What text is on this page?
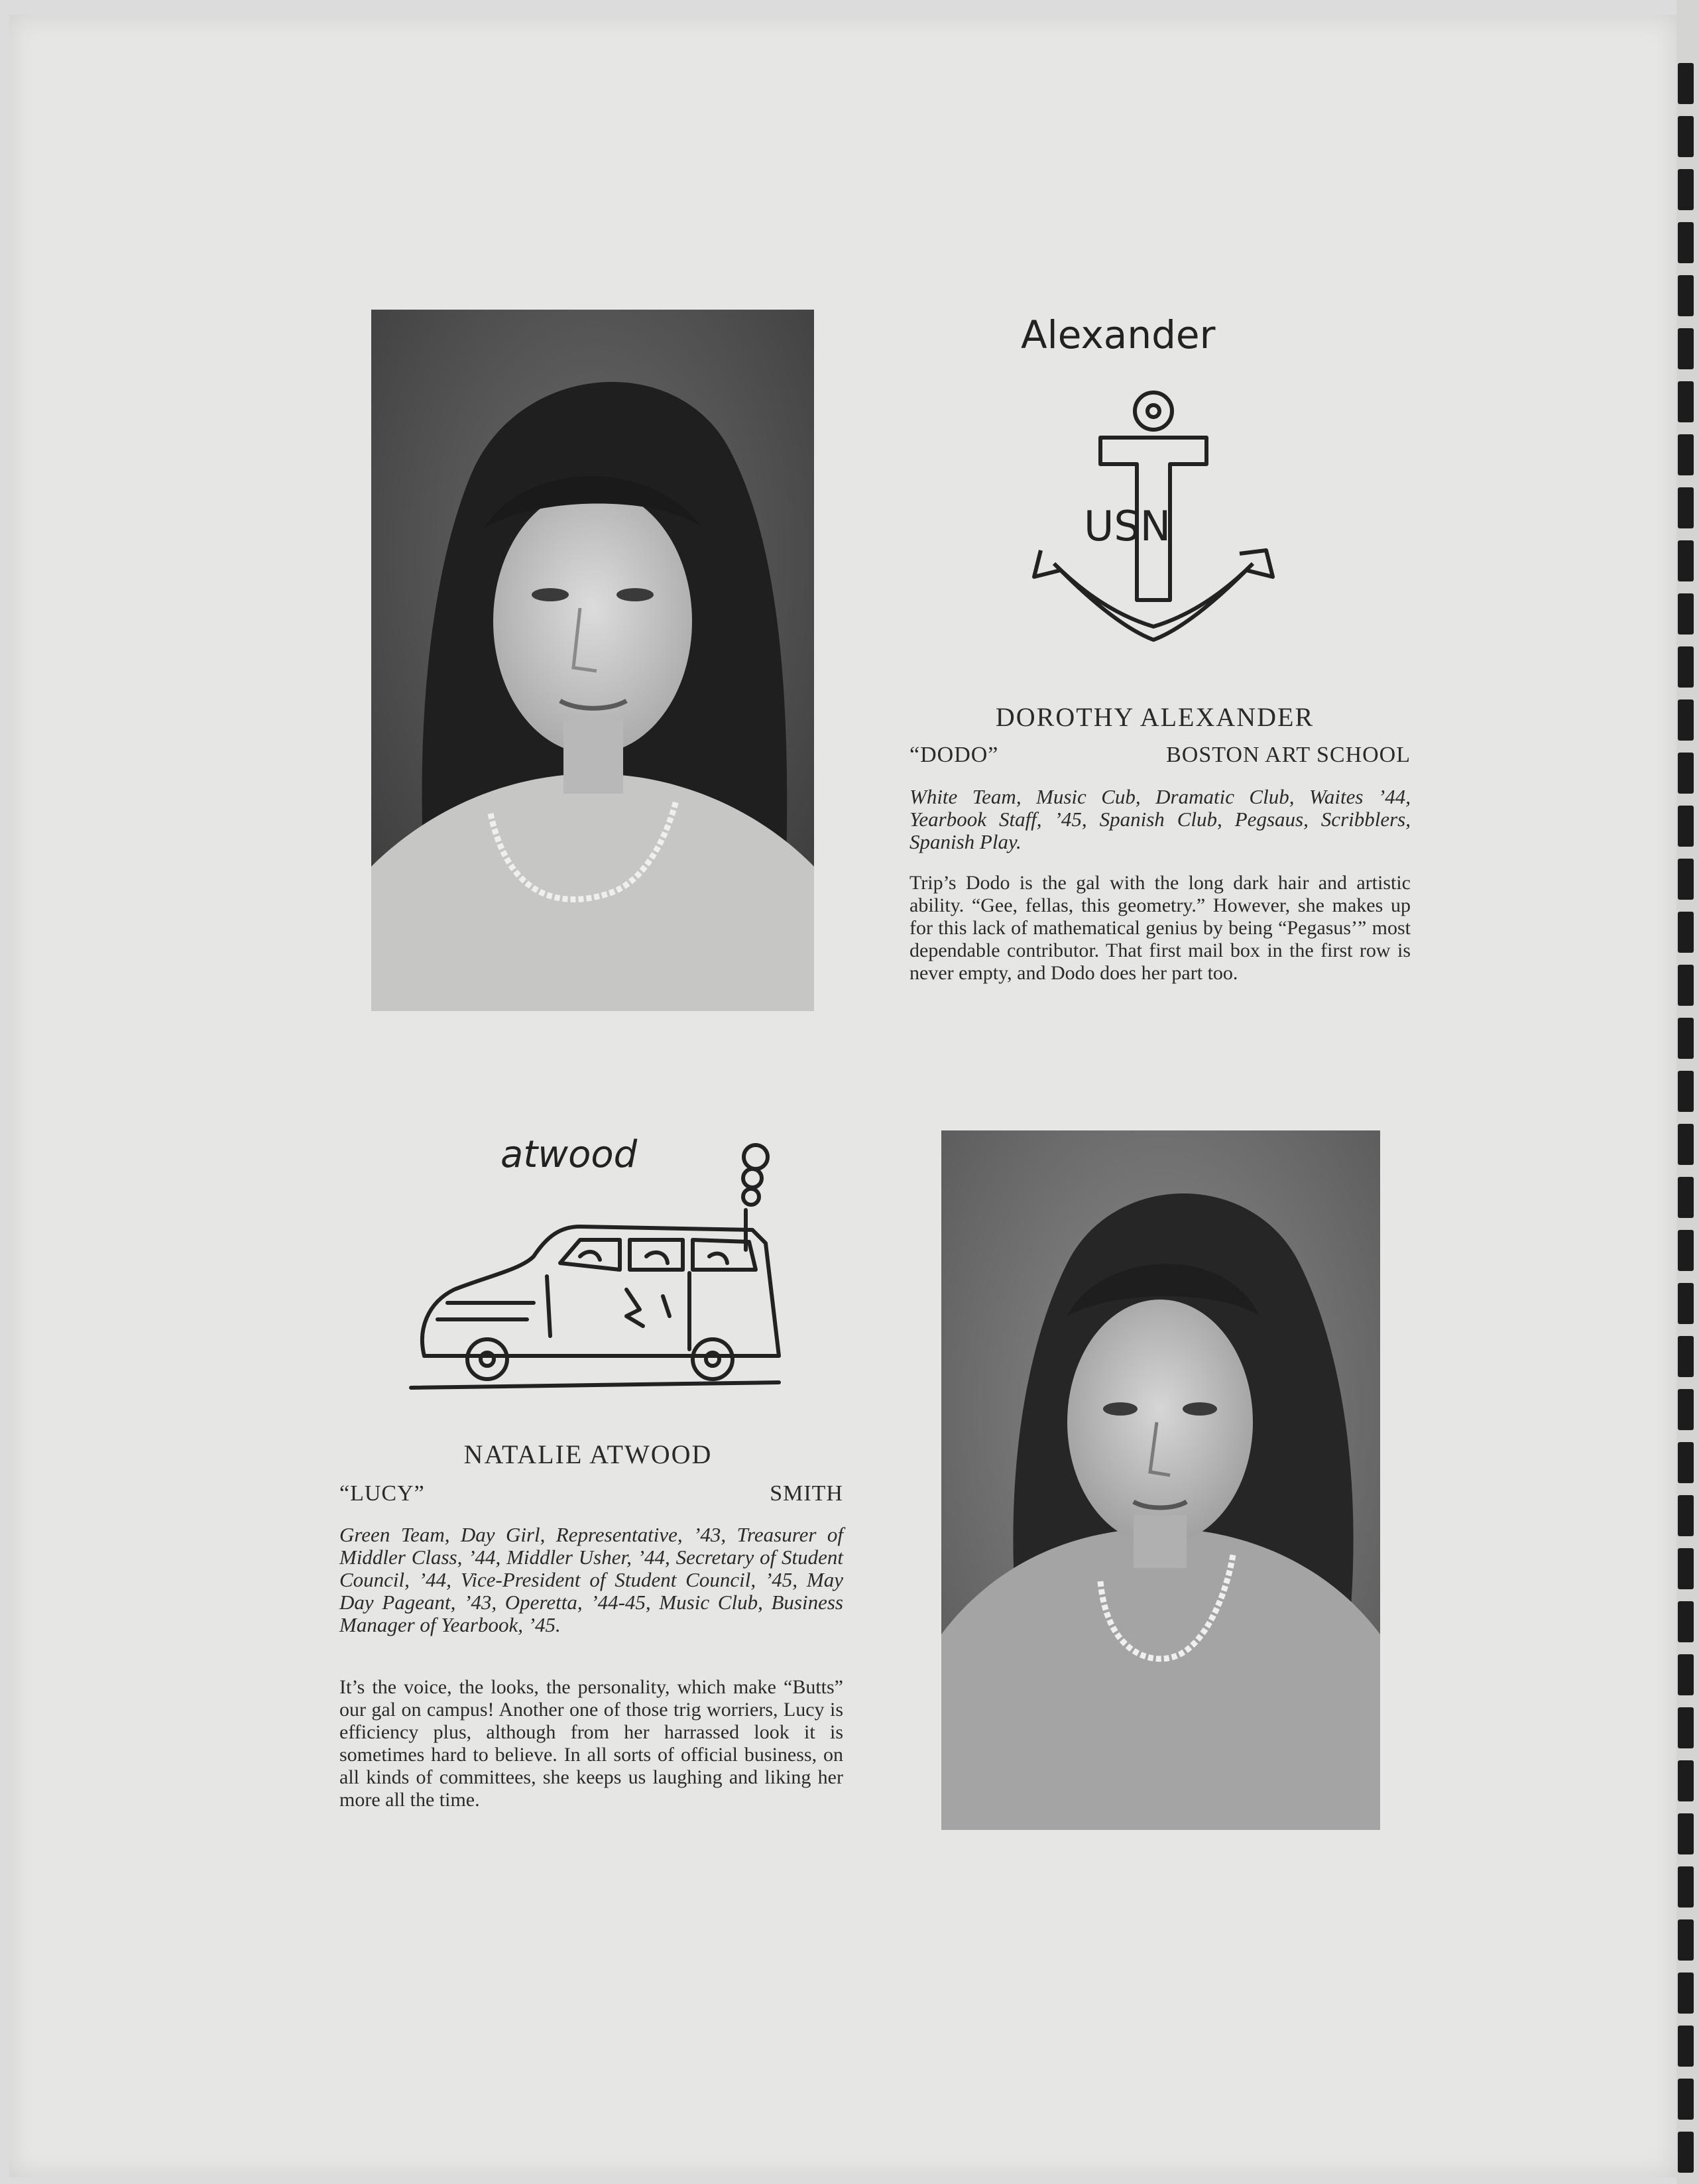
Alexander
USN
DOROTHY ALEXANDER
“DODO”	BOSTON ART SCHOOL

White Team, Music Cub, Dramatic Club, Waites ’44, Yearbook Staff, ’45, Spanish Club, Pegsaus, Scribblers, Spanish Play.

Trip’s Dodo is the gal with the long dark hair and artistic ability. “Gee, fellas, this geometry.” However, she makes up for this lack of mathematical genius by being “Pegasus’” most dependable contributor. That first mail box in the first row is never empty, and Dodo does her part too.

atwood
NATALIE ATWOOD
“LUCY”	SMITH

Green Team, Day Girl, Representative, ’43, Treasurer of Middler Class, ’44, Middler Usher, ’44, Secretary of Student Council, ’44, Vice-President of Student Council, ’45, May Day Pageant, ’43, Operetta, ’44-45, Music Club, Business Manager of Yearbook, ’45.

It’s the voice, the looks, the personality, which make “Butts” our gal on campus! Another one of those trig worriers, Lucy is efficiency plus, although from her harrassed look it is sometimes hard to believe. In all sorts of official business, on all kinds of committees, she keeps us laughing and liking her more all the time.
